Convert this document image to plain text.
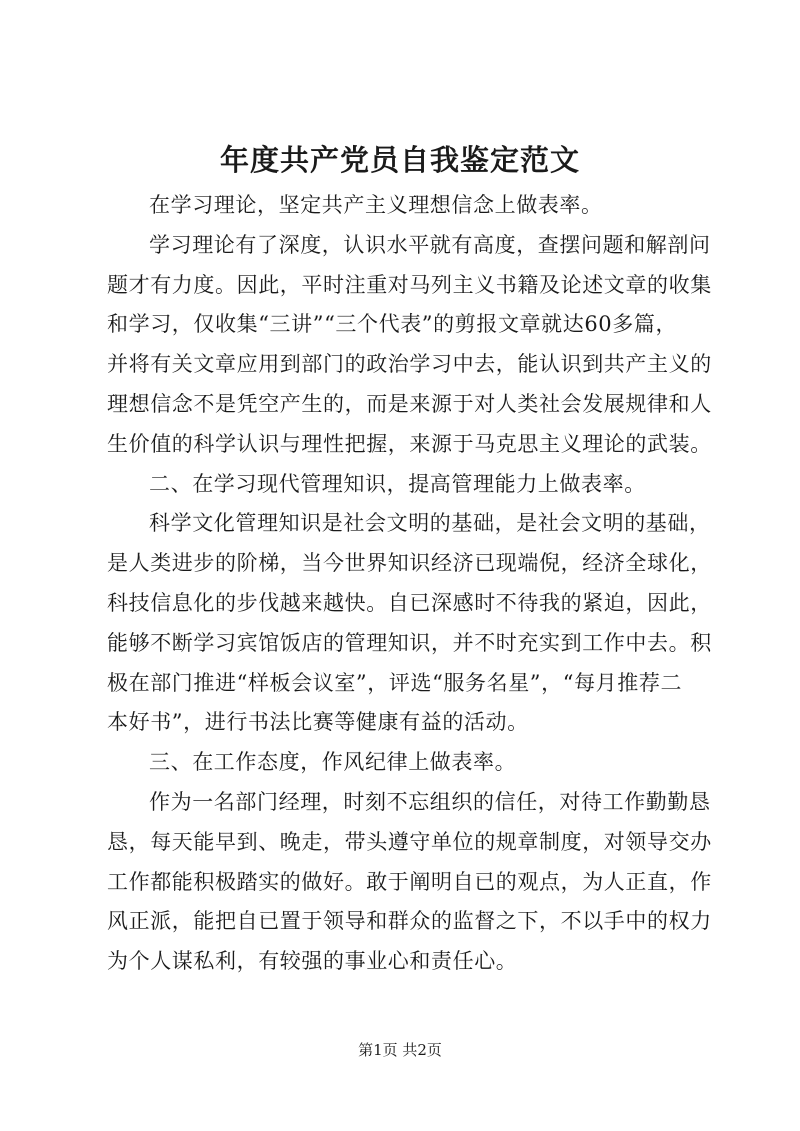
年度共产党员自我鉴定范文
在学习理论，坚定共产主义理想信念上做表率。
学习理论有了深度，认识水平就有高度，查摆问题和解剖问
题才有力度。因此，平时注重对马列主义书籍及论述文章的收集
和学习，仅收集“三讲”“三个代表”的剪报文章就达60多篇，
并将有关文章应用到部门的政治学习中去，能认识到共产主义的
理想信念不是凭空产生的，而是来源于对人类社会发展规律和人
生价值的科学认识与理性把握，来源于马克思主义理论的武装。
二、在学习现代管理知识，提高管理能力上做表率。
科学文化管理知识是社会文明的基础，是社会文明的基础，
是人类进步的阶梯，当今世界知识经济已现端倪，经济全球化，
科技信息化的步伐越来越快。自已深感时不待我的紧迫，因此，
能够不断学习宾馆饭店的管理知识，并不时充实到工作中去。积
极在部门推进“样板会议室”，评选“服务名星”，“每月推荐二
本好书”，进行书法比赛等健康有益的活动。
三、在工作态度，作风纪律上做表率。
作为一名部门经理，时刻不忘组织的信任，对待工作勤勤恳
恳，每天能早到、晚走，带头遵守单位的规章制度，对领导交办
工作都能积极踏实的做好。敢于阐明自已的观点，为人正直，作
风正派，能把自已置于领导和群众的监督之下，不以手中的权力
为个人谋私利，有较强的事业心和责任心。
第1页 共2页
